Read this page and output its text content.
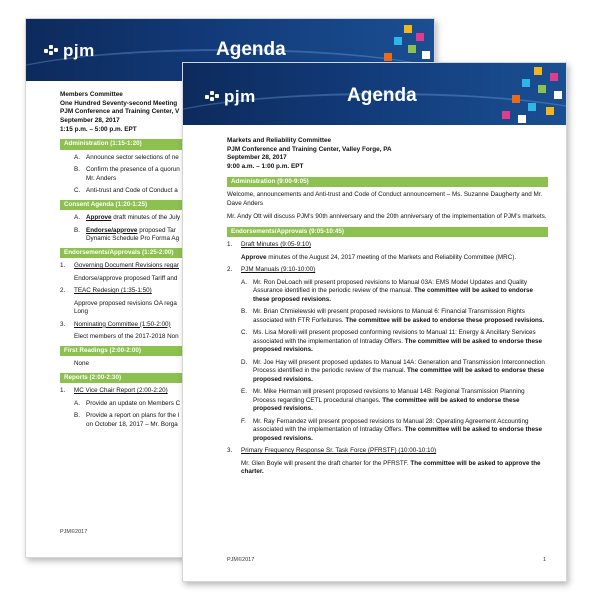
pjm	Agenda
Members Committee
One Hundred Seventy-second Meeting
PJM Conference and Training Center, V
September 28, 2017
1:15 p.m. – 5:00 p.m. EPT
Administration (1:15-1:20)
A. Announce sector selections of ne
B. Confirm the presence of a quorun
Mr. Anders
C. Anti-trust and Code of Conduct a
Consent Agenda (1:20-1:25)
A. Approve draft minutes of the July
B. Endorse/approve proposed Tar
Dynamic Schedule Pro Forma Ag
Endorsements/Approvals (1:25-2:00)
1.	Governing Document Revisions regar
Endorse/approve proposed Tariff and
2.	TEAC Redesign (1:35-1:50)
Approve proposed revisions OA rega
Long
3.	Nominating Committee (1:50-2:00)
Elect members of the 2017-2018 Non
First Readings (2:00-2:00)
None
Reports (2:00-2:30)
1.	MC Vice Chair Report (2:00-2:20)
A. Provide an update on Members C
B. Provide a report on plans for the l
on October 18, 2017 – Mr. Borga
PJM©2017
pjm	Agenda
Markets and Reliability Committee
PJM Conference and Training Center, Valley Forge, PA
September 28, 2017
9:00 a.m. – 1:00 p.m. EPT
Administration (9:00-9:05)
Welcome, announcements and Anti-trust and Code of Conduct announcement – Ms. Suzanne Daugherty and Mr. Dave Anders
Mr. Andy Ott will discuss PJM's 90th anniversary and the 20th anniversary of the implementation of PJM's markets.
Endorsements/Approvals (9:05-10:45)
1.	Draft Minutes (9:05-9:10)
Approve minutes of the August 24, 2017 meeting of the Markets and Reliability Committee (MRC).
2.	PJM Manuals (9:10-10:00)
A. Mr. Ron DeLoach will present proposed revisions to Manual 03A: EMS Model Updates and Quality Assurance identified in the periodic review of the manual. The committee will be asked to endorse these proposed revisions.
B. Mr. Brian Chmielewski will present proposed revisions to Manual 6: Financial Transmission Rights associated with FTR Forfeitures. The committee will be asked to endorse these proposed revisions.
C. Ms. Lisa Morelli will present proposed conforming revisions to Manual 11: Energy & Ancillary Services associated with the implementation of Intraday Offers. The committee will be asked to endorse these proposed revisions.
D. Mr. Joe Hay will present proposed updates to Manual 14A: Generation and Transmission Interconnection Process identified in the periodic review of the manual. The committee will be asked to endorse these proposed revisions.
E. Mr. Mike Herman will present proposed revisions to Manual 14B: Regional Transmission Planning Process regarding CETL procedural changes. The committee will be asked to endorse these proposed revisions.
F.	Mr. Ray Fernandez will present proposed revisions to Manual 28: Operating Agreement Accounting associated with the implementation of Intraday Offers. The committee will be asked to endorse these proposed revisions.
3.	Primary Frequency Response Sr. Task Force (PFRSTF) (10:00-10:10)
Mr. Glen Boyle will present the draft charter for the PFRSTF. The committee will be asked to approve the charter.
PJM©2017	1
